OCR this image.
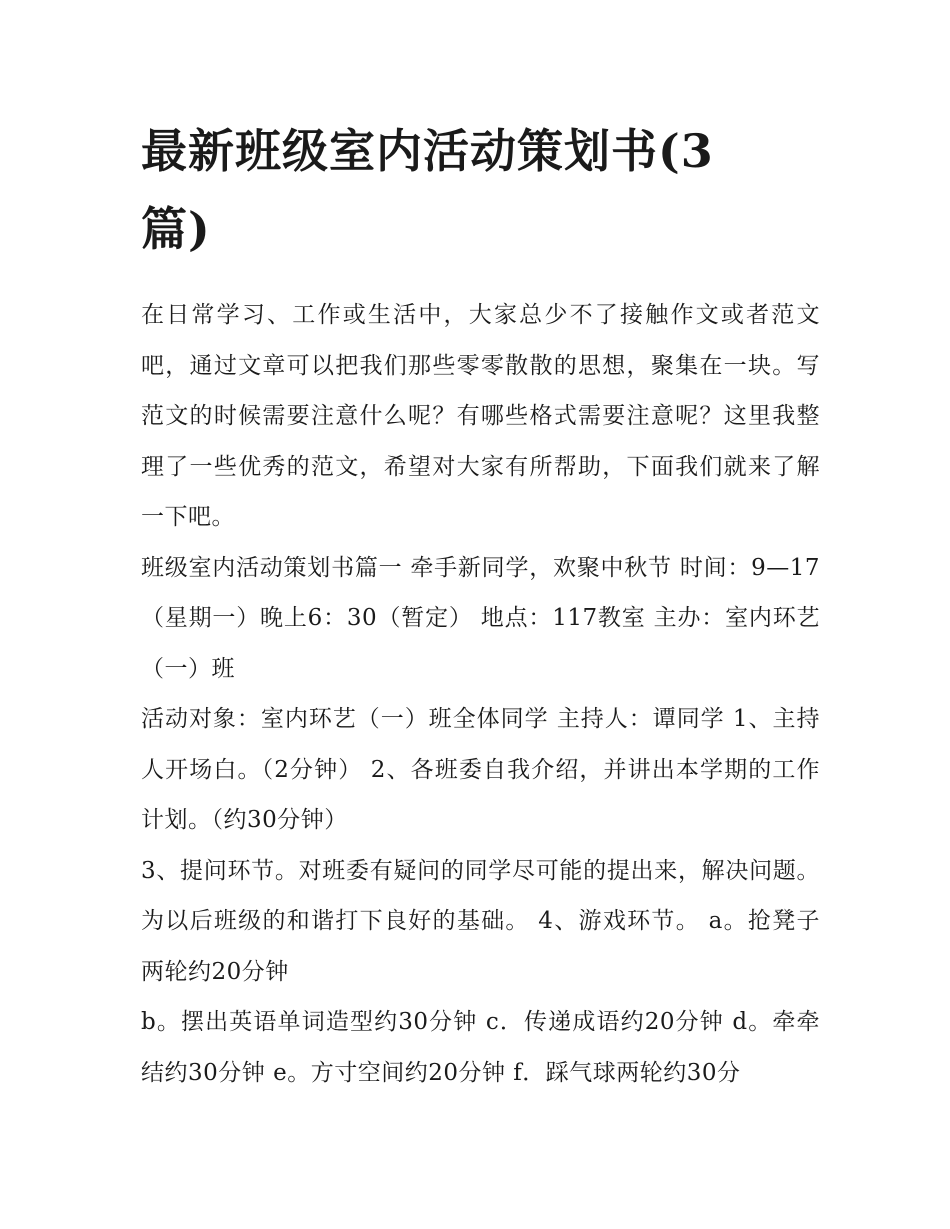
最新班级室内活动策划书(3篇)

在日常学习、工作或生活中，大家总少不了接触作文或者范文吧，通过文章可以把我们那些零零散散的思想，聚集在一块。写范文的时候需要注意什么呢？有哪些格式需要注意呢？这里我整理了一些优秀的范文，希望对大家有所帮助，下面我们就来了解一下吧。

班级室内活动策划书篇一 牵手新同学，欢聚中秋节 时间：9—17（星期一）晚上6：30（暂定） 地点：117教室 主办：室内环艺（一）班

活动对象：室内环艺（一）班全体同学 主持人：谭同学 1、主持人开场白。（2分钟） 2、各班委自我介绍，并讲出本学期的工作计划。（约30分钟）

3、提问环节。对班委有疑问的同学尽可能的提出来，解决问题。为以后班级的和谐打下良好的基础。 4、游戏环节。 a。抢凳子两轮约20分钟

b。摆出英语单词造型约30分钟 c．传递成语约20分钟 d。牵牵结约30分钟 e。方寸空间约20分钟 f．踩气球两轮约30分
